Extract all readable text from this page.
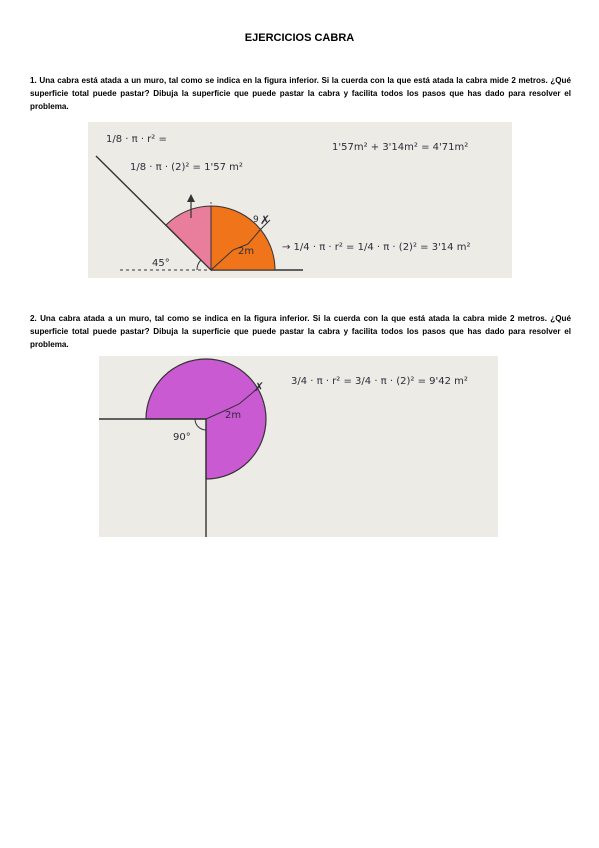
EJERCICIOS CABRA
1. Una cabra está atada a un muro, tal como se indica en la figura inferior. Si la cuerda con la que está atada la cabra mide 2 metros. ¿Qué superficie total puede pastar? Dibuja la superficie que puede pastar la cabra y facilita todos los pasos que has dado para resolver el problema.
✗
9
45°
2m
1/8 · π · r² =
1/8 · π · (2)² = 1'57 m²
1'57m² + 3'14m² = 4'71m²
→ 1/4 · π · r² = 1/4 · π · (2)² = 3'14 m²
2. Una cabra atada a un muro, tal como se indica en la figura inferior. Si la cuerda con la que está atada la cabra mide 2 metros. ¿Qué superficie total puede pastar? Dibuja la superficie que puede pastar la cabra y facilita todos los pasos que has dado para resolver el problema.
✗
90°
2m
3/4 · π · r² = 3/4 · π · (2)² = 9'42 m²
